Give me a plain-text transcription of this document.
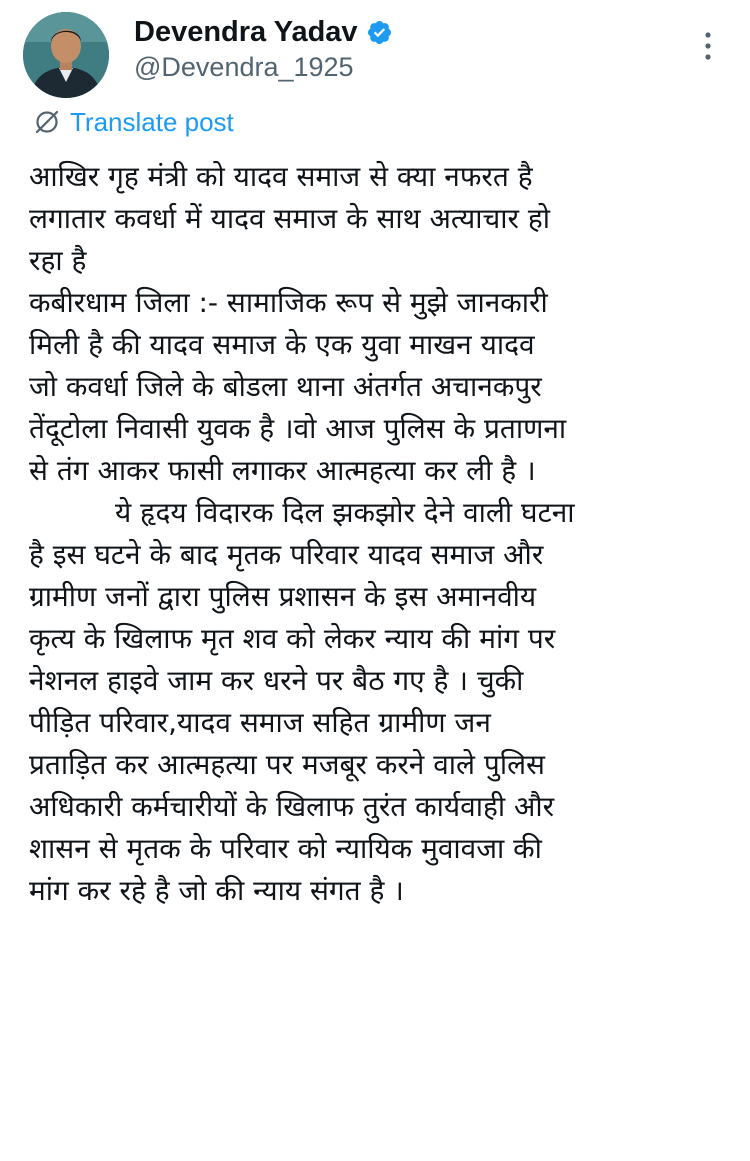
Devendra Yadav
@Devendra_1925
Translate post
आखिर गृह मंत्री को यादव समाज से क्या नफरत है
लगातार कवर्धा में यादव समाज के साथ अत्याचार हो
रहा है
कबीरधाम जिला :- सामाजिक रूप से मुझे जानकारी
मिली है की यादव समाज के एक युवा माखन यादव
जो कवर्धा जिले के बोडला थाना अंतर्गत अचानकपुर
तेंदूटोला निवासी युवक है ।वो आज पुलिस के प्रताणना
से तंग आकर फासी लगाकर आत्महत्या कर ली है ।
ये हृदय विदारक दिल झकझोर देने वाली घटना
है इस घटने के बाद मृतक परिवार यादव समाज और
ग्रामीण जनों द्वारा पुलिस प्रशासन के इस अमानवीय
कृत्य के खिलाफ मृत शव को लेकर न्याय की मांग पर
नेशनल हाइवे जाम कर धरने पर बैठ गए है । चुकी
पीड़ित परिवार,यादव समाज सहित ग्रामीण जन
प्रताड़ित कर आत्महत्या पर मजबूर करने वाले पुलिस
अधिकारी कर्मचारीयों के खिलाफ तुरंत कार्यवाही और
शासन से मृतक के परिवार को न्यायिक मुवावजा की
मांग कर रहे है जो की न्याय संगत है ।
